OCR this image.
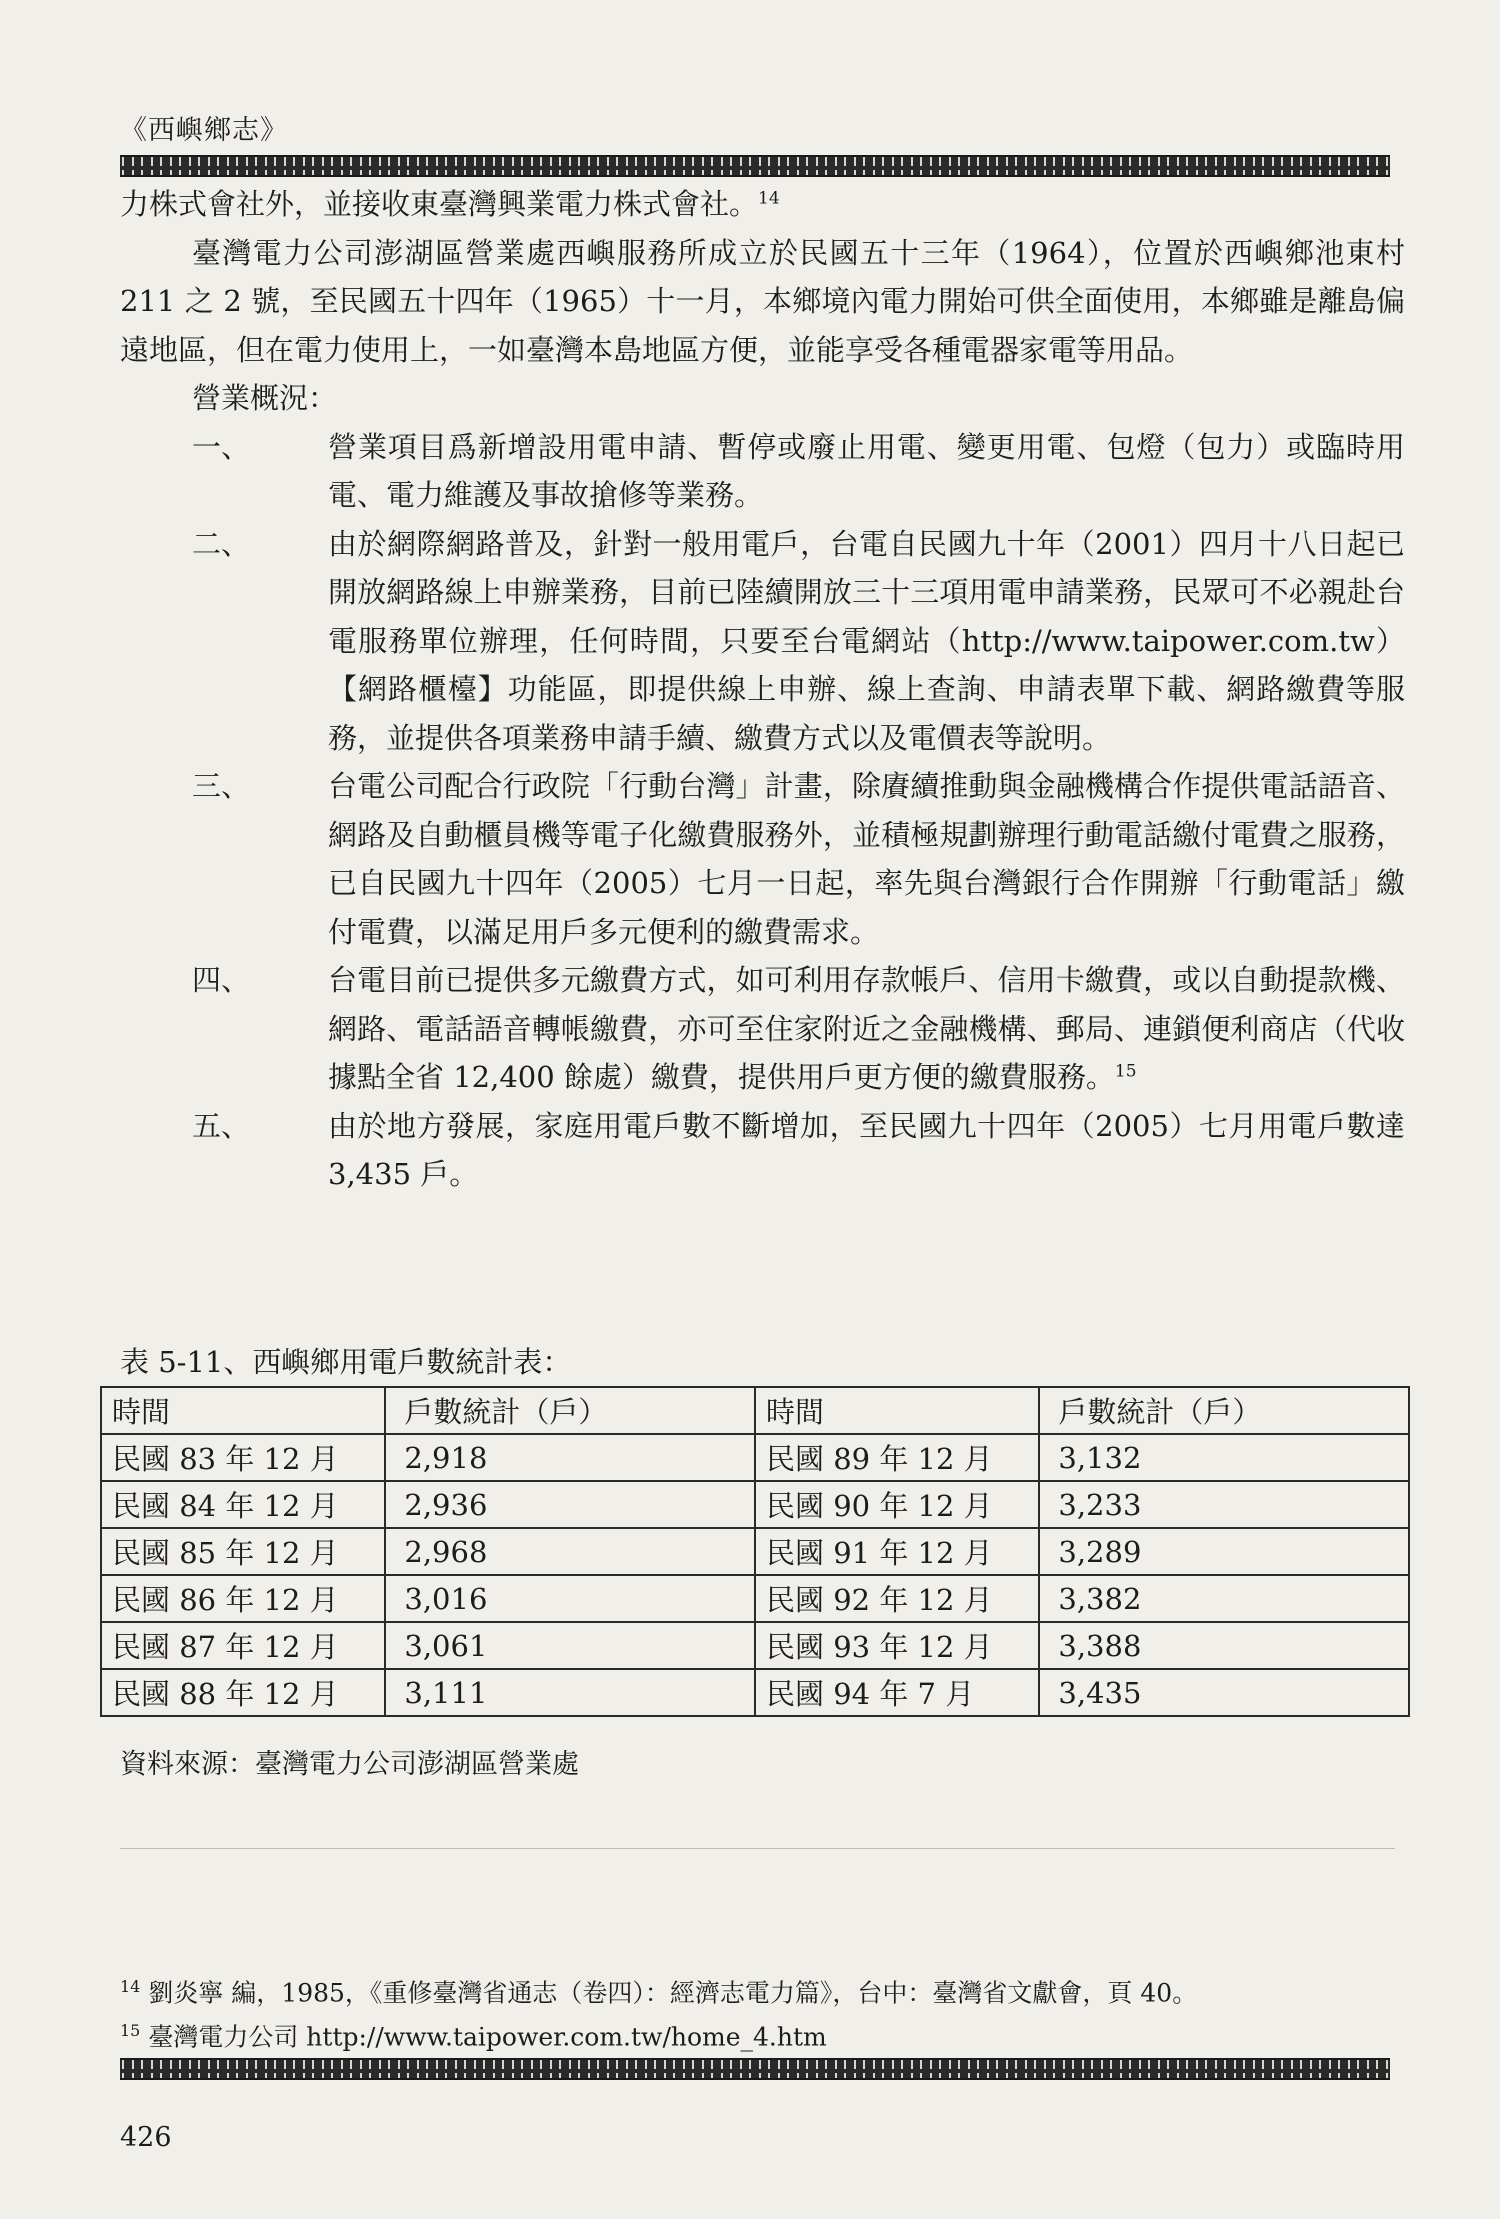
《西嶼鄉志》

力株式會社外，並接收東臺灣興業電力株式會社。$^{14}$

臺灣電力公司澎湖區營業處西嶼服務所成立於民國五十三年（1964），位置於西嶼鄉池東村 211 之 2 號，至民國五十四年（1965）十一月，本鄉境內電力開始可供全面使用，本鄉雖是離島偏遠地區，但在電力使用上，一如臺灣本島地區方便，並能享受各種電器家電等用品。

營業概況：

一、	營業項目爲新增設用電申請、暫停或廢止用電、變更用電、包燈（包力）或臨時用電、電力維護及事故搶修等業務。
二、	由於網際網路普及，針對一般用電戶，台電自民國九十年（2001）四月十八日起已開放網路線上申辦業務，目前已陸續開放三十三項用電申請業務，民眾可不必親赴台電服務單位辦理，任何時間，只要至台電網站（http://www.taipower.com.tw）【網路櫃檯】功能區，即提供線上申辦、線上查詢、申請表單下載、網路繳費等服務，並提供各項業務申請手續、繳費方式以及電價表等說明。
三、	台電公司配合行政院「行動台灣」計畫，除賡續推動與金融機構合作提供電話語音、網路及自動櫃員機等電子化繳費服務外，並積極規劃辦理行動電話繳付電費之服務，已自民國九十四年（2005）七月一日起，率先與台灣銀行合作開辦「行動電話」繳付電費，以滿足用戶多元便利的繳費需求。
四、	台電目前已提供多元繳費方式，如可利用存款帳戶、信用卡繳費，或以自動提款機、網路、電話語音轉帳繳費，亦可至住家附近之金融機構、郵局、連鎖便利商店（代收據點全省 12,400 餘處）繳費，提供用戶更方便的繳費服務。$^{15}$
五、	由於地方發展，家庭用電戶數不斷增加，至民國九十四年（2005）七月用電戶數達 3,435 戶。
表 5-11、西嶼鄉用電戶數統計表：
時間	戶數統計（戶）	時間	戶數統計（戶）
民國 83 年 12 月	2,918	民國 89 年 12 月	3,132
民國 84 年 12 月	2,936	民國 90 年 12 月	3,233
民國 85 年 12 月	2,968	民國 91 年 12 月	3,289
民國 86 年 12 月	3,016	民國 92 年 12 月	3,382
民國 87 年 12 月	3,061	民國 93 年 12 月	3,388
民國 88 年 12 月	3,111	民國 94 年 7 月	3,435
資料來源：臺灣電力公司澎湖區營業處
$^{14}$ 劉炎寧 編，1985，《重修臺灣省通志（卷四）：經濟志電力篇》，台中：臺灣省文獻會，頁 40。
$^{15}$ 臺灣電力公司 http://www.taipower.com.tw/home_4.htm
426
